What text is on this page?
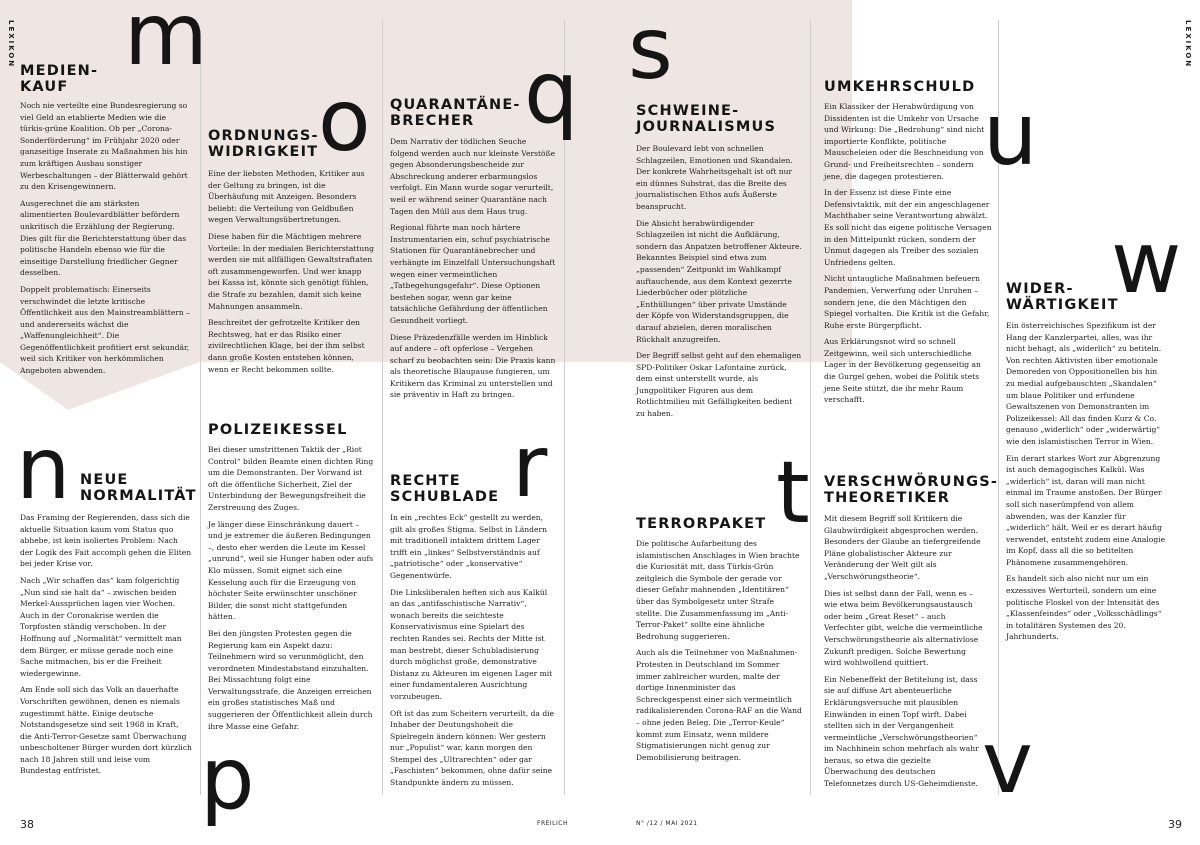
LEXIKON	LEXIKON
m
o q s
u
w
n	r	t
p	v
MEDIEN-
KAUF

Noch nie verteilte eine Bundesregierung so viel Geld an etablierte Medien wie die türkis-grüne Koalition. Ob per „Corona-Sonderförderung“ im Frühjahr 2020 oder ganzseitige Inserate zu Maßnahmen bis hin zum kräftigen Ausbau sonstiger Werbeschaltungen – der Blätterwald gehört zu den Krisengewinnern.

Ausgerechnet die am stärksten alimentierten Boulevardblätter befördern unkritisch die Erzählung der Regierung. Dies gilt für die Berichterstattung über das politische Handeln ebenso wie für die einseitige Darstellung friedlicher Gegner desselben.

Doppelt problematisch: Einerseits verschwindet die letzte kritische Öffentlichkeit aus den Mainstreamblättern – und andererseits wächst die „Waffenungleichheit“. Die Gegenöffentlichkeit profitiert erst sekundär, weil sich Kritiker von herkömmlichen Angeboten abwenden.

ORDNUNGS-
WIDRIGKEIT

Eine der liebsten Methoden, Kritiker aus der Geltung zu bringen, ist die Überhäufung mit Anzeigen. Besonders beliebt: die Verteilung von Geldbußen wegen Verwaltungsübertretungen.

Diese haben für die Mächtigen mehrere Vorteile: In der medialen Berichterstattung werden sie mit allfälligen Gewaltstraftaten oft zusammengeworfen. Und wer knapp bei Kassa ist, könnte sich genötigt fühlen, die Strafe zu bezahlen, damit sich keine Mahnungen ansammeln.

Beschreitet der gefrotzelte Kritiker den Rechtsweg, hat er das Risiko einer zivilrechtlichen Klage, bei der ihm selbst dann große Kosten entstehen können, wenn er Recht bekommen sollte.

QUARANTÄNE-
BRECHER

Dem Narrativ der tödlichen Seuche folgend werden auch nur kleinste Verstöße gegen Absonderungsbescheide zur Abschreckung anderer erbarmungslos verfolgt. Ein Mann wurde sogar verurteilt, weil er während seiner Quarantäne nach Tagen den Müll aus dem Haus trug.

Regional führte man noch härtere Instrumentarien ein, schuf psychiatrische Stationen für Quarantänebrecher und verhängte im Einzelfall Untersuchungshaft wegen einer vermeintlichen „Tatbegehungsgefahr“. Diese Optionen bestehen sogar, wenn gar keine tatsächliche Gefährdung der öffentlichen Gesundheit vorliegt.

Diese Präzedenzfälle werden im Hinblick auf andere – oft opferlose – Vergehen scharf zu beobachten sein: Die Praxis kann als theoretische Blaupause fungieren, um Kritikern das Kriminal zu unterstellen und sie präventiv in Haft zu bringen.

SCHWEINE-
JOURNALISMUS

Der Boulevard lebt von schnellen Schlagzeilen, Emotionen und Skandalen. Der konkrete Wahrheitsgehalt ist oft nur ein dünnes Substrat, das die Breite des journalistischen Ethos aufs Äußerste beansprucht.

Die Absicht herabwürdigender Schlagzeilen ist nicht die Aufklärung, sondern das Anpatzen betroffener Akteure. Bekanntes Beispiel sind etwa zum „passenden“ Zeitpunkt im Wahlkampf auftauchende, aus dem Kontext gezerrte Liederbücher oder plötzliche „Enthüllungen“ über private Umstände der Köpfe von Widerstandsgruppen, die darauf abzielen, deren moralischen Rückhalt anzugreifen.

Der Begriff selbst geht auf den ehemaligen SPD-Politiker Oskar Lafontaine zurück, dem einst unterstellt wurde, als Jungpolitiker Figuren aus dem Rotlichtmilieu mit Gefälligkeiten bedient zu haben.

UMKEHRSCHULD

Ein Klassiker der Herabwürdigung von Dissidenten ist die Umkehr von Ursache und Wirkung: Die „Bedrohung“ sind nicht importierte Konflikte, politische Mauscheleien oder die Beschneidung von Grund- und Freiheitsrechten – sondern jene, die dagegen protestieren.

In der Essenz ist diese Finte eine Defensivtaktik, mit der ein angeschlagener Machthaber seine Verantwortung abwälzt. Es soll nicht das eigene politische Versagen in den Mittelpunkt rücken, sondern der Unmut dagegen als Treiber des sozialen Unfriedens gelten.

Nicht untaugliche Maßnahmen befeuern Pandemien, Verwerfung oder Unruhen – sondern jene, die den Mächtigen den Spiegel vorhalten. Die Kritik ist die Gefahr, Ruhe erste Bürgerpflicht.

Aus Erklärungsnot wird so schnell Zeitgewinn, weil sich unterschiedliche Lager in der Bevölkerung gegenseitig an die Gurgel gehen, wobei die Politik stets jene Seite stützt, die ihr mehr Raum verschafft.

WIDER-
WÄRTIGKEIT

Ein österreichisches Spezifikum ist der Hang der Kanzlerpartei, alles, was ihr nicht behagt, als „widerlich“ zu betiteln. Von rechten Aktivisten über emotionale Demoreden von Oppositionellen bis hin zu medial aufgebauschten „Skandalen“ um blaue Politiker und erfundene Gewaltszenen von Demonstranten im Polizeikessel: All das finden Kurz & Co. genauso „widerlich“ oder „widerwärtig“ wie den islamistischen Terror in Wien.

Ein derart starkes Wort zur Abgrenzung ist auch demagogisches Kalkül. Was „widerlich“ ist, daran will man nicht einmal im Traume anstoßen. Der Bürger soll sich naserümpfend von allem abwenden, was der Kanzler für „widerlich“ hält. Weil er es derart häufig verwendet, entsteht zudem eine Analogie im Kopf, dass all die so betitelten Phänomene zusammengehören.

Es handelt sich also nicht nur um ein exzessives Werturteil, sondern um eine politische Floskel von der Intensität des „Klassenfeindes“ oder „Volksschädlings“ in totalitären Systemen des 20. Jahrhunderts.

NEUE
NORMALITÄT

Das Framing der Regierenden, dass sich die aktuelle Situation kaum vom Status quo abhebe, ist kein isoliertes Problem: Nach der Logik des Fait accompli gehen die Eliten bei jeder Krise vor.

Nach „Wir schaffen das“ kam folgerichtig „Nun sind sie halt da“ – zwischen beiden Merkel-Aussprüchen lagen vier Wochen. Auch in der Coronakrise werden die Torpfosten ständig verschoben. In der Hoffnung auf „Normalität“ vermittelt man dem Bürger, er müsse gerade noch eine Sache mitmachen, bis er die Freiheit wiedergewinne.

Am Ende soll sich das Volk an dauerhafte Vorschriften gewöhnen, denen es niemals zugestimmt hätte. Einige deutsche Notstandsgesetze sind seit 1968 in Kraft, die Anti-Terror-Gesetze samt Überwachung unbescholtener Bürger wurden dort kürzlich nach 18 Jahren still und leise vom Bundestag entfristet.

POLIZEIKESSEL

Bei dieser umstrittenen Taktik der „Riot Control“ bilden Beamte einen dichten Ring um die Demonstranten. Der Vorwand ist oft die öffentliche Sicherheit, Ziel der Unterbindung der Bewegungsfreiheit die Zerstreuung des Zuges.

Je länger diese Einschränkung dauert – und je extremer die äußeren Bedingungen –, desto eher werden die Leute im Kessel „unrund“, weil sie Hunger haben oder aufs Klo müssen. Somit eignet sich eine Kesselung auch für die Erzeugung von höchster Seite erwünschter unschöner Bilder, die sonst nicht stattgefunden hätten.

Bei den jüngsten Protesten gegen die Regierung kam ein Aspekt dazu: Teilnehmern wird so verunmöglicht, den verordneten Mindestabstand einzuhalten. Bei Missachtung folgt eine Verwaltungsstrafe, die Anzeigen erreichen ein großes statistisches Maß und suggerieren der Öffentlichkeit allein durch ihre Masse eine Gefahr.

RECHTE
SCHUBLADE

In ein „rechtes Eck“ gestellt zu werden, gilt als großes Stigma. Selbst in Ländern mit traditionell intaktem drittem Lager trifft ein „linkes“ Selbstverständnis auf „patriotische“ oder „konservative“ Gegenentwürfe.

Die Linksliberalen heften sich aus Kalkül an das „antifaschistische Narrativ“, wonach bereits die seichteste Konservativismus eine Spielart des rechten Randes sei. Rechts der Mitte ist man bestrebt, dieser Schubladisierung durch möglichst große, demonstrative Distanz zu Akteuren im eigenen Lager mit einer fundamentaleren Ausrichtung vorzubeugen.

Oft ist das zum Scheitern verurteilt, da die Inhaber der Deutungshoheit die Spielregeln ändern können: Wer gestern nur „Populist“ war, kann morgen den Stempel des „Ultrarechten“ oder gar „Faschisten“ bekommen, ohne dafür seine Standpunkte ändern zu müssen.

TERRORPAKET

Die politische Aufarbeitung des islamistischen Anschlages in Wien brachte die Kuriosität mit, dass Türkis-Grün zeitgleich die Symbole der gerade vor dieser Gefahr mahnenden „Identitären“ über das Symbolgesetz unter Strafe stellte. Die Zusammenfassung im „Anti-Terror-Paket“ sollte eine ähnliche Bedrohung suggerieren.

Auch als die Teilnehmer von Maßnahmen-Protesten in Deutschland im Sommer immer zahlreicher wurden, malte der dortige Innenminister das Schreckgespenst einer sich vermeintlich radikalisierenden Corona-RAF an die Wand – ohne jeden Beleg. Die „Terror-Keule“ kommt zum Einsatz, wenn mildere Stigmatisierungen nicht genug zur Demobilisierung beitragen.

VERSCHWÖRUNGS-
THEORETIKER

Mit diesem Begriff soll Kritikern die Glaubwürdigkeit abgesprochen werden. Besonders der Glaube an tiefergreifende Pläne globalistischer Akteure zur Veränderung der Welt gilt als „Verschwörungstheorie“.

Dies ist selbst dann der Fall, wenn es – wie etwa beim Bevölkerungsaustausch oder beim „Great Reset“ – auch Verfechter gibt, welche die vermeintliche Verschwörungstheorie als alternativlose Zukunft predigen. Solche Bewertung wird wohlwollend quittiert.

Ein Nebeneffekt der Betitelung ist, dass sie auf diffuse Art abenteuerliche Erklärungsversuche mit plausiblen Einwänden in einen Topf wirft. Dabei stellten sich in der Vergangenheit vermeintliche „Verschwörungstheorien“ im Nachhinein schon mehrfach als wahr heraus, so etwa die gezielte Überwachung des deutschen Telefonnetzes durch US-Geheimdienste.

38	FREILICH	N° /12 / MAI 2021	39
